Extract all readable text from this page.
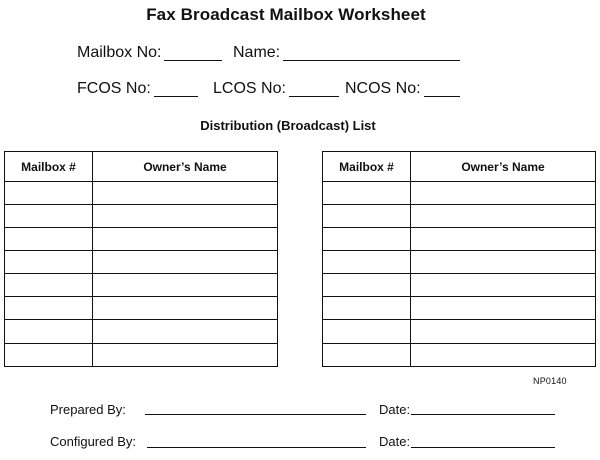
Fax Broadcast Mailbox Worksheet
Mailbox No:	Name:
FCOS No:	LCOS No:	NCOS No:
Distribution (Broadcast) List
Mailbox #	Owner’s Name	Mailbox #	Owner’s Name
NP0140
Prepared By:	Date:
Configured By:	Date:
